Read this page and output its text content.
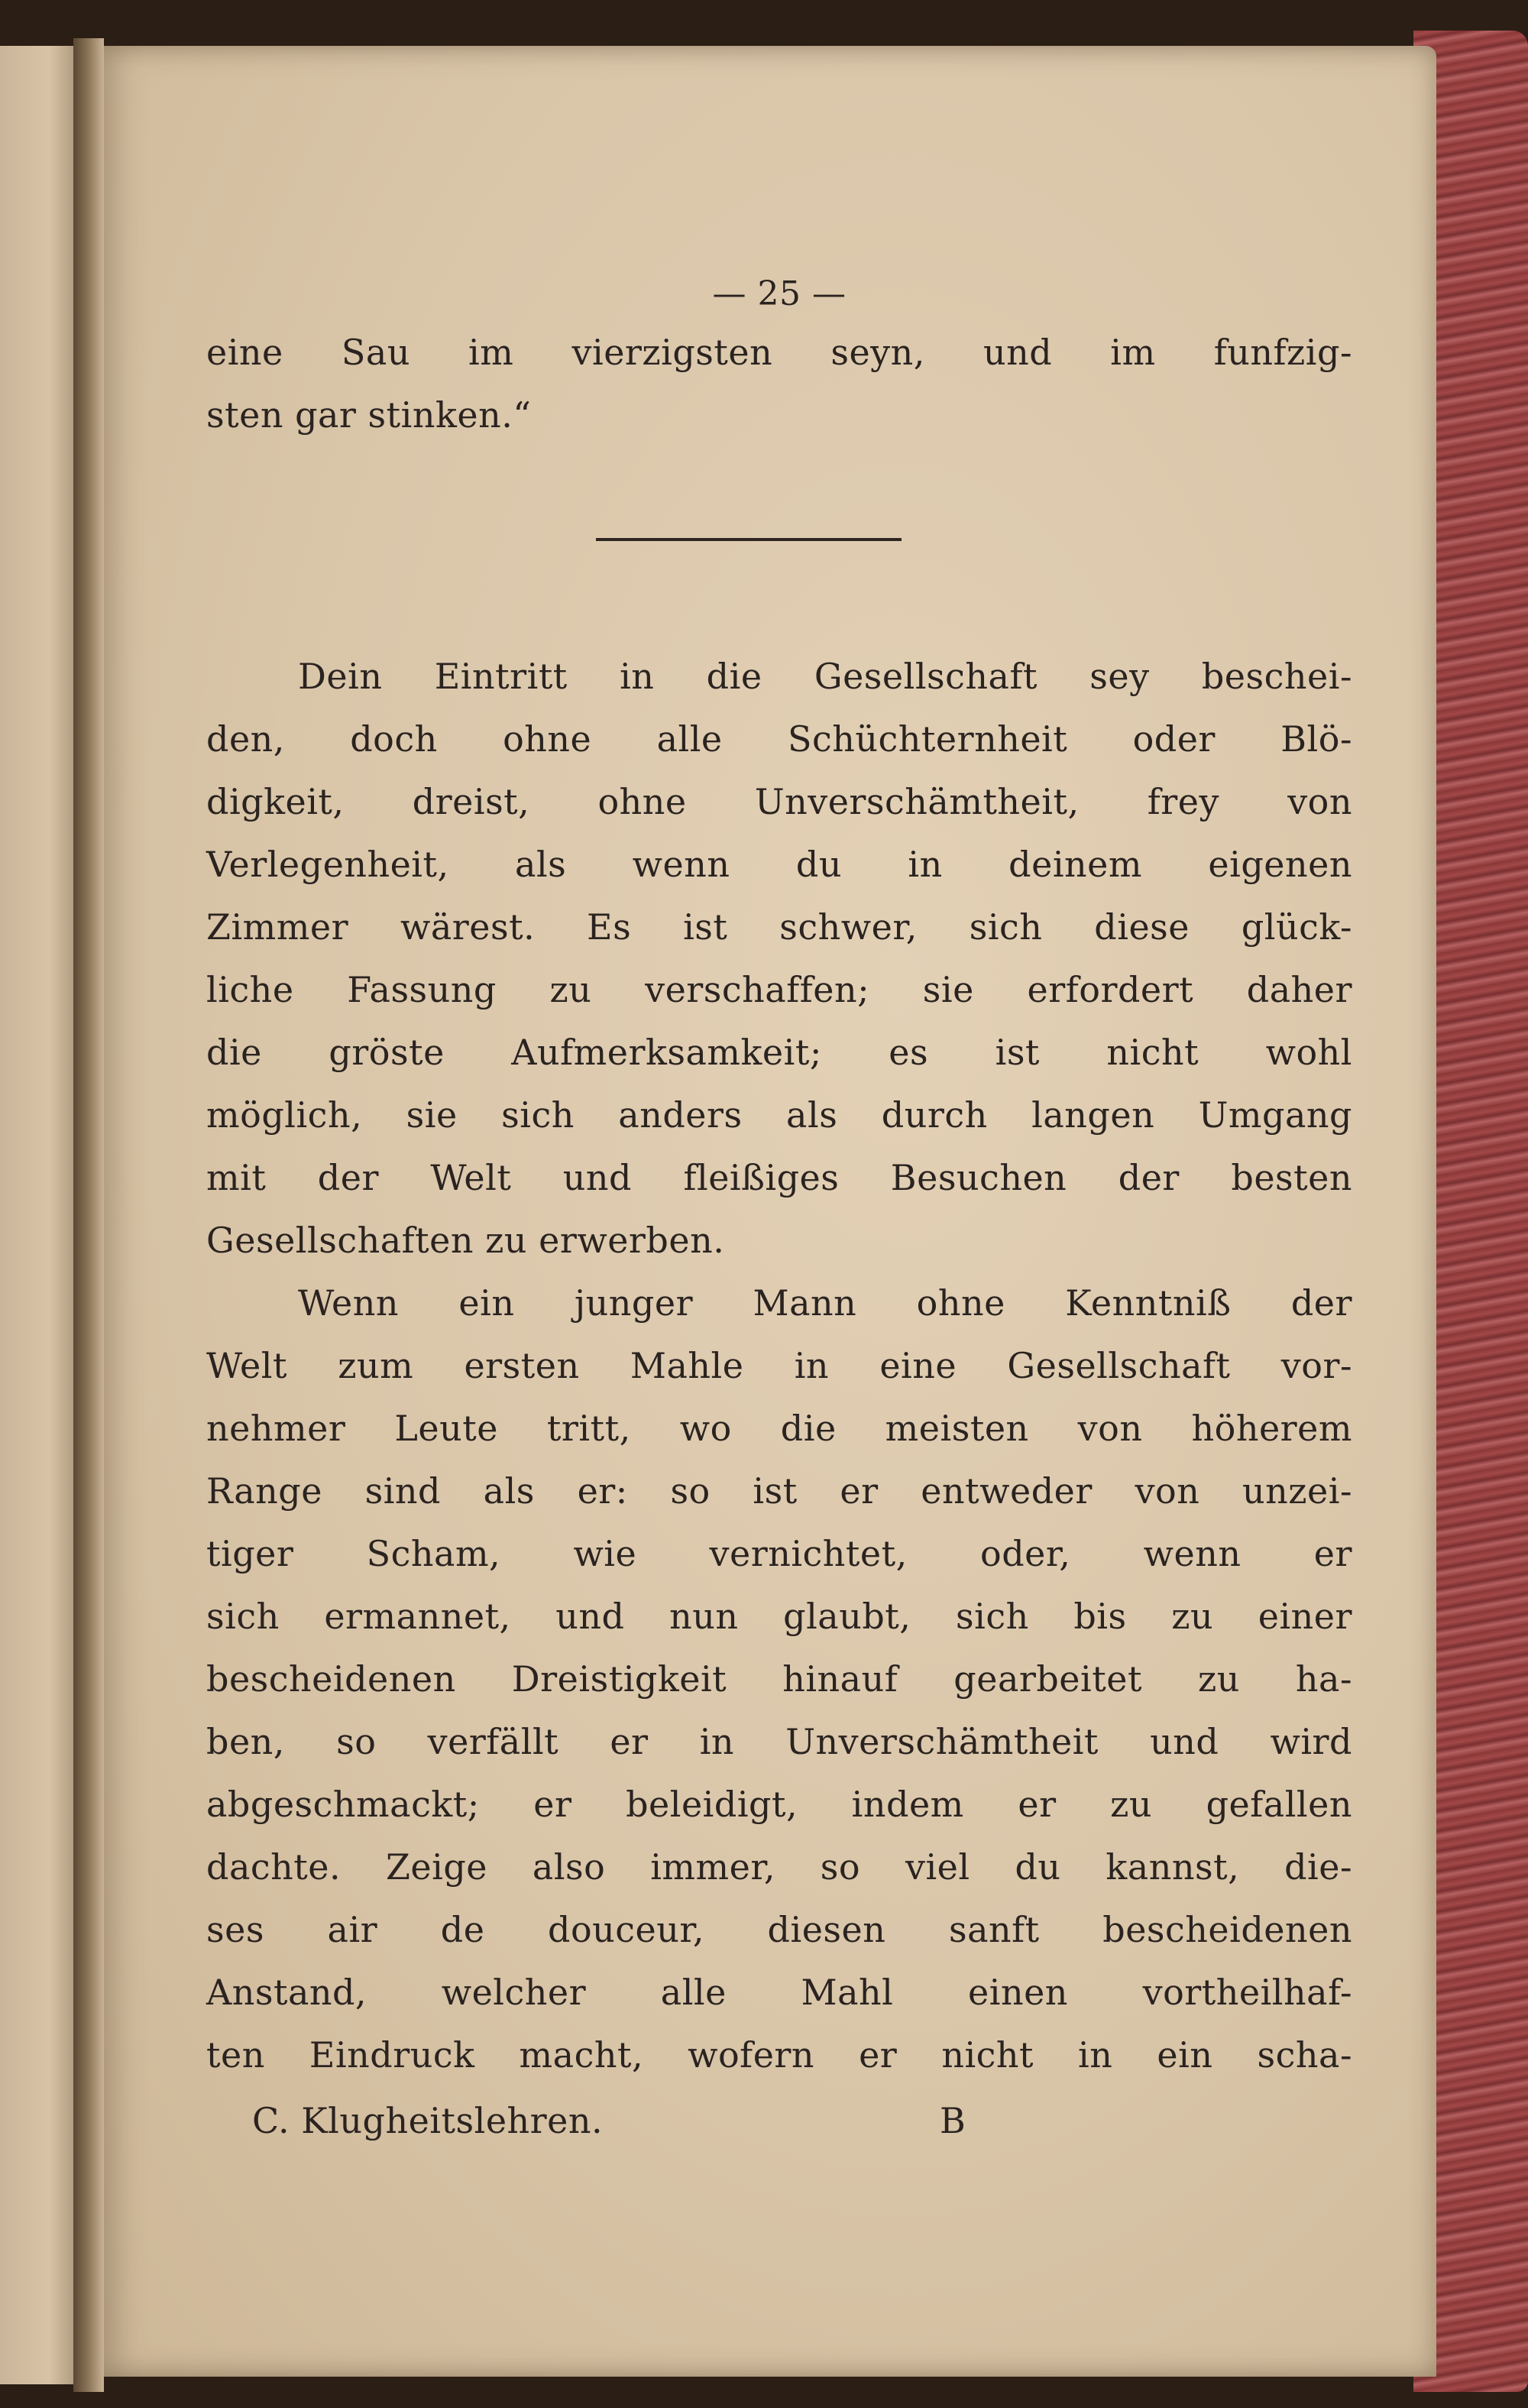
— 25 —
eine Sau im vierzigsten seyn, und im funfzig-
sten gar stinken.“
Dein Eintritt in die Gesellschaft sey beschei-
den, doch ohne alle Schüchternheit oder Blö-
digkeit, dreist, ohne Unverschämtheit, frey von
Verlegenheit, als wenn du in deinem eigenen
Zimmer wärest. Es ist schwer, sich diese glück-
liche Fassung zu verschaffen; sie erfordert daher
die gröste Aufmerksamkeit; es ist nicht wohl
möglich, sie sich anders als durch langen Umgang
mit der Welt und fleißiges Besuchen der besten
Gesellschaften zu erwerben.
Wenn ein junger Mann ohne Kenntniß der
Welt zum ersten Mahle in eine Gesellschaft vor-
nehmer Leute tritt, wo die meisten von höherem
Range sind als er: so ist er entweder von unzei-
tiger Scham, wie vernichtet, oder, wenn er
sich ermannet, und nun glaubt, sich bis zu einer
bescheidenen Dreistigkeit hinauf gearbeitet zu ha-
ben, so verfällt er in Unverschämtheit und wird
abgeschmackt; er beleidigt, indem er zu gefallen
dachte. Zeige also immer, so viel du kannst, die-
ses air de douceur, diesen sanft bescheidenen
Anstand, welcher alle Mahl einen vortheilhaf-
ten Eindruck macht, wofern er nicht in ein scha-
C. Klugheitslehren.	B
